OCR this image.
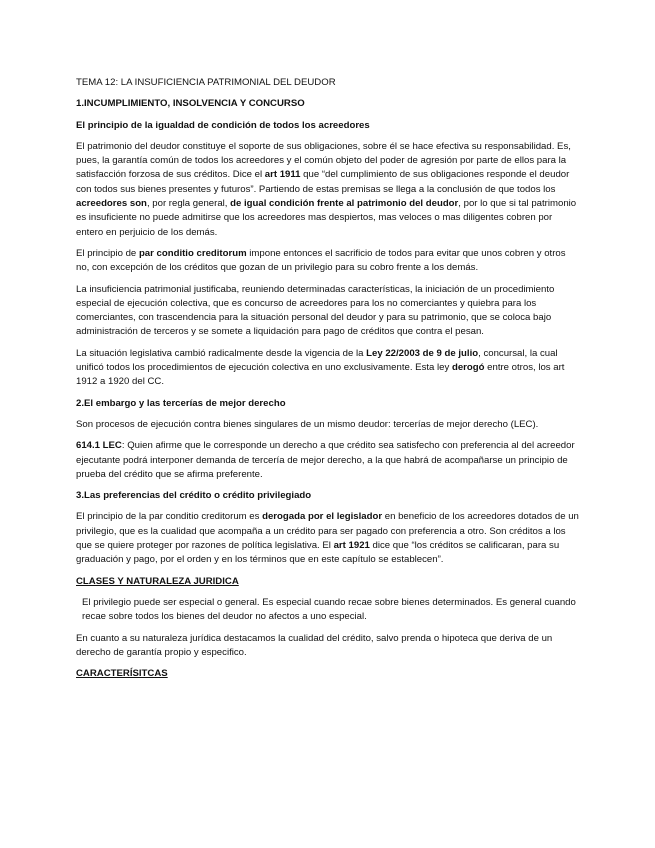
TEMA 12: LA INSUFICIENCIA PATRIMONIAL DEL DEUDOR

1.INCUMPLIMIENTO, INSOLVENCIA Y CONCURSO

El principio de la igualdad de condición de todos los acreedores

El patrimonio del deudor constituye el soporte de sus obligaciones, sobre él se hace efectiva su responsabilidad. Es, pues, la garantía común de todos los acreedores y el común objeto del poder de agresión por parte de ellos para la satisfacción forzosa de sus créditos. Dice el art 1911 que “del cumplimiento de sus obligaciones responde el deudor con todos sus bienes presentes y futuros”. Partiendo de estas premisas se llega a la conclusión de que todos los acreedores son, por regla general, de igual condición frente al patrimonio del deudor, por lo que si tal patrimonio es insuficiente no puede admitirse que los acreedores mas despiertos, mas veloces o mas diligentes cobren por entero en perjuicio de los demás.

El principio de par conditio creditorum impone entonces el sacrificio de todos para evitar que unos cobren y otros no, con excepción de los créditos que gozan de un privilegio para su cobro frente a los demás.

La insuficiencia patrimonial justificaba, reuniendo determinadas características, la iniciación de un procedimiento especial de ejecución colectiva, que es concurso de acreedores para los no comerciantes y quiebra para los comerciantes, con trascendencia para la situación personal del deudor y para su patrimonio, que se coloca bajo administración de terceros y se somete a liquidación para pago de créditos que contra el pesan.

La situación legislativa cambió radicalmente desde la vigencia de la Ley 22/2003 de 9 de julio, concursal, la cual unificó todos los procedimientos de ejecución colectiva en uno exclusivamente. Esta ley derogó entre otros, los art 1912 a 1920 del CC.

2.El embargo y las tercerías de mejor derecho

Son procesos de ejecución contra bienes singulares de un mismo deudor: tercerías de mejor derecho (LEC).

614.1 LEC: Quien afirme que le corresponde un derecho a que crédito sea satisfecho con preferencia al del acreedor ejecutante podrá interponer demanda de tercería de mejor derecho, a la que habrá de acompañarse un principio de prueba del crédito que se afirma preferente.

3.Las preferencias del crédito o crédito privilegiado

El principio de la par conditio creditorum es derogada por el legislador en beneficio de los acreedores dotados de un privilegio, que es la cualidad que acompaña a un crédito para ser pagado con preferencia a otro. Son créditos a los que se quiere proteger por razones de política legislativa. El art 1921 dice que “los créditos se calificaran, para su graduación y pago, por el orden y en los términos que en este capítulo se establecen”.

CLASES Y NATURALEZA JURIDICA

El privilegio puede ser especial o general. Es especial cuando recae sobre bienes determinados. Es general cuando recae sobre todos los bienes del deudor no afectos a uno especial.

En cuanto a su naturaleza jurídica destacamos la cualidad del crédito, salvo prenda o hipoteca que deriva de un derecho de garantía propio y especifico.

CARACTERÍSITCAS
